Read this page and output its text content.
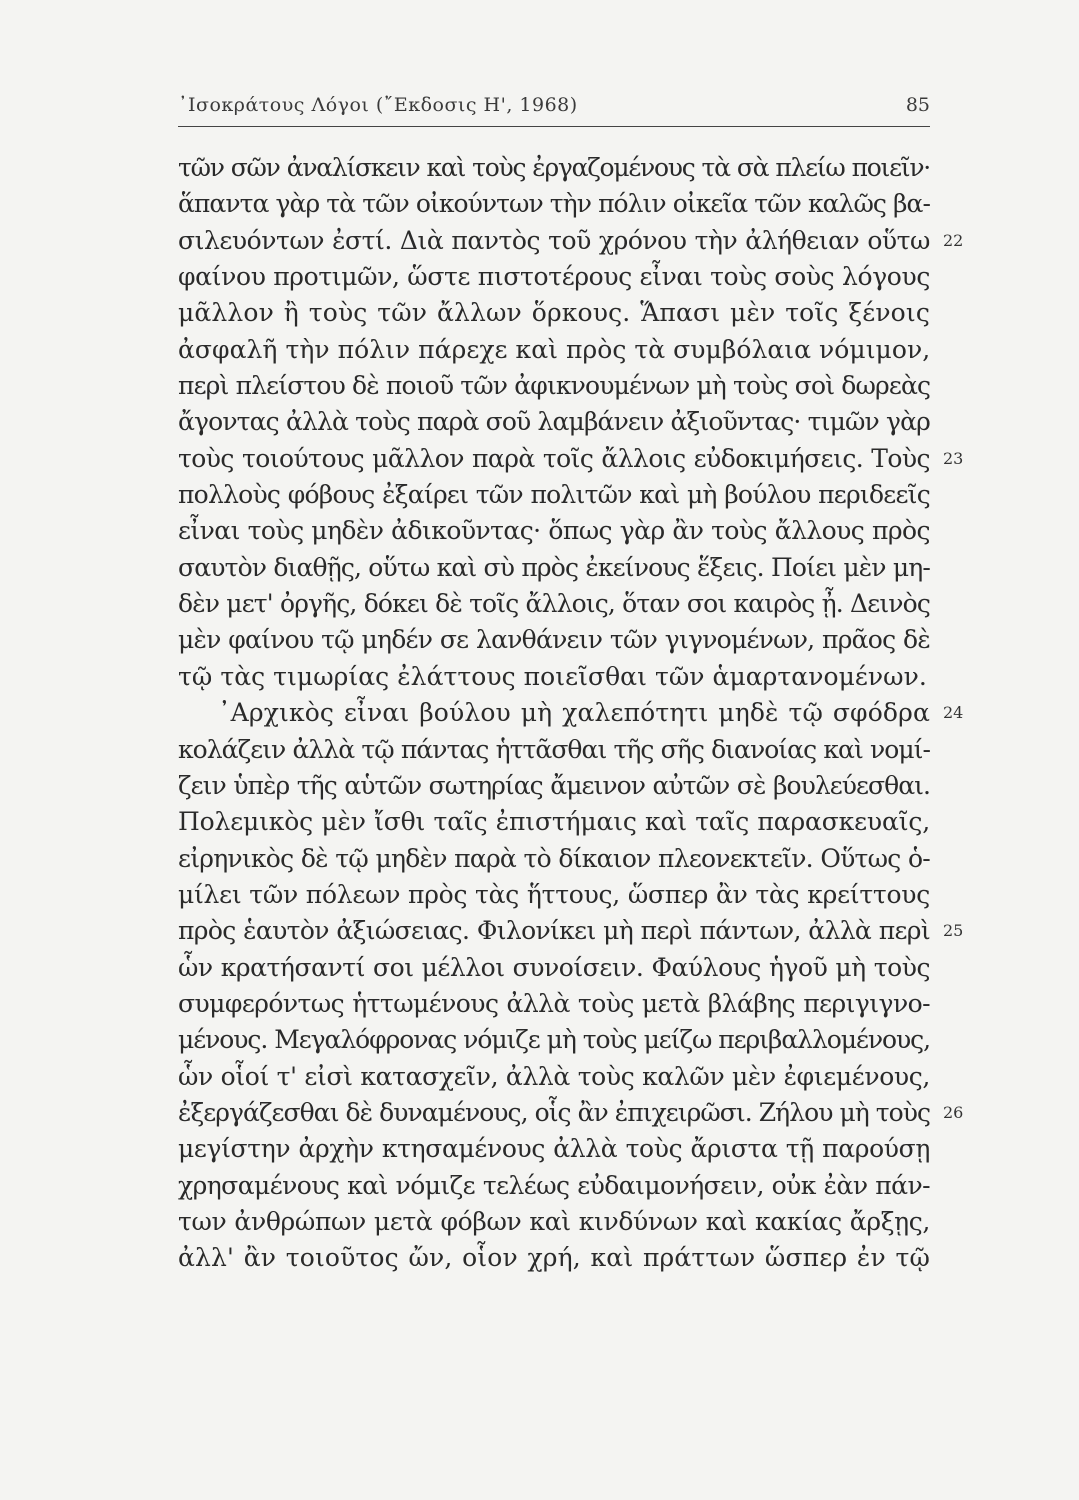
᾿Ισοκράτους Λόγοι (῎Εκδοσις Η', 1968)	85
τῶν σῶν ἀναλίσκειν καὶ τοὺς ἐργαζομένους τὰ σὰ πλείω ποιεῖν·
ἅπαντα γὰρ τὰ τῶν οἰκούντων τὴν πόλιν οἰκεῖα τῶν καλῶς βα-
σιλευόντων ἐστί. Διὰ παντὸς τοῦ χρόνου τὴν ἀλήθειαν οὕτω 22
φαίνου προτιμῶν, ὥστε πιστοτέρους εἶναι τοὺς σοὺς λόγους
μᾶλλον ἢ τοὺς τῶν ἄλλων ὅρκους. Ἅπασι μὲν τοῖς ξένοις
ἀσφαλῆ τὴν πόλιν πάρεχε καὶ πρὸς τὰ συμβόλαια νόμιμον,
περὶ πλείστου δὲ ποιοῦ τῶν ἀφικνουμένων μὴ τοὺς σοὶ δωρεὰς
ἄγοντας ἀλλὰ τοὺς παρὰ σοῦ λαμβάνειν ἀξιοῦντας· τιμῶν γὰρ
τοὺς τοιούτους μᾶλλον παρὰ τοῖς ἄλλοις εὐδοκιμήσεις. Τοὺς 23
πολλοὺς φόβους ἐξαίρει τῶν πολιτῶν καὶ μὴ βούλου περιδεεῖς
εἶναι τοὺς μηδὲν ἀδικοῦντας· ὅπως γὰρ ἂν τοὺς ἄλλους πρὸς
σαυτὸν διαθῇς, οὕτω καὶ σὺ πρὸς ἐκείνους ἕξεις. Ποίει μὲν μη-
δὲν μετ' ὀργῆς, δόκει δὲ τοῖς ἄλλοις, ὅταν σοι καιρὸς ᾖ. Δεινὸς
μὲν φαίνου τῷ μηδέν σε λανθάνειν τῶν γιγνομένων, πρᾶος δὲ
τῷ τὰς τιμωρίας ἐλάττους ποιεῖσθαι τῶν ἁμαρτανομένων.
᾿Αρχικὸς εἶναι βούλου μὴ χαλεπότητι μηδὲ τῷ σφόδρα 24
κολάζειν ἀλλὰ τῷ πάντας ἡττᾶσθαι τῆς σῆς διανοίας καὶ νομί-
ζειν ὑπὲρ τῆς αὑτῶν σωτηρίας ἄμεινον αὐτῶν σὲ βουλεύεσθαι.
Πολεμικὸς μὲν ἴσθι ταῖς ἐπιστήμαις καὶ ταῖς παρασκευαῖς,
εἰρηνικὸς δὲ τῷ μηδὲν παρὰ τὸ δίκαιον πλεονεκτεῖν. Οὕτως ὁ-
μίλει τῶν πόλεων πρὸς τὰς ἥττους, ὥσπερ ἂν τὰς κρείττους
πρὸς ἑαυτὸν ἀξιώσειας. Φιλονίκει μὴ περὶ πάντων, ἀλλὰ περὶ 25
ὧν κρατήσαντί σοι μέλλοι συνοίσειν. Φαύλους ἡγοῦ μὴ τοὺς
συμφερόντως ἡττωμένους ἀλλὰ τοὺς μετὰ βλάβης περιγιγνο-
μένους. Μεγαλόφρονας νόμιζε μὴ τοὺς μείζω περιβαλλομένους,
ὧν οἷοί τ' εἰσὶ κατασχεῖν, ἀλλὰ τοὺς καλῶν μὲν ἐφιεμένους,
ἐξεργάζεσθαι δὲ δυναμένους, οἷς ἂν ἐπιχειρῶσι. Ζήλου μὴ τοὺς 26
μεγίστην ἀρχὴν κτησαμένους ἀλλὰ τοὺς ἄριστα τῇ παρούσῃ
χρησαμένους καὶ νόμιζε τελέως εὐδαιμονήσειν, οὐκ ἐὰν πάν-
των ἀνθρώπων μετὰ φόβων καὶ κινδύνων καὶ κακίας ἄρξῃς,
ἀλλ' ἂν τοιοῦτος ὤν, οἷον χρή, καὶ πράττων ὥσπερ ἐν τῷ
